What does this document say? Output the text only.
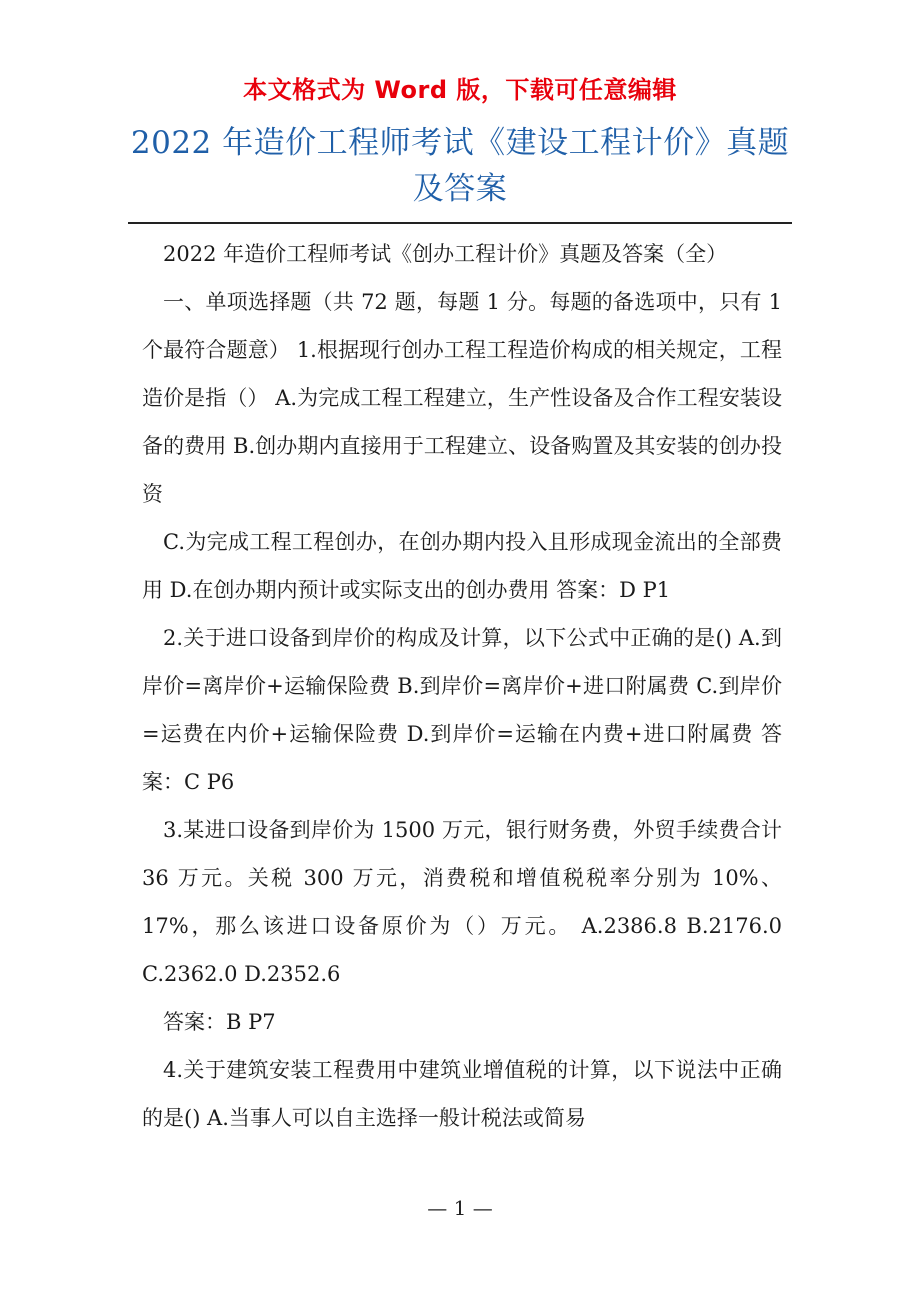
本文格式为 Word 版，下载可任意编辑
2022 年造价工程师考试《建设工程计价》真题及答案

2022 年造价工程师考试《创办工程计价》真题及答案（全）

一、单项选择题（共 72 题，每题 1 分。每题的备选项中，只有 1 个最符合题意） 1.根据现行创办工程工程造价构成的相关规定，工程造价是指（） A.为完成工程工程建立，生产性设备及合作工程安装设备的费用 B.创办期内直接用于工程建立、设备购置及其安装的创办投资

C.为完成工程工程创办，在创办期内投入且形成现金流出的全部费用 D.在创办期内预计或实际支出的创办费用 答案：D P1

2.关于进口设备到岸价的构成及计算，以下公式中正确的是() A.到岸价=离岸价+运输保险费 B.到岸价=离岸价+进口附属费 C.到岸价=运费在内价+运输保险费 D.到岸价=运输在内费+进口附属费 答案：C P6

3.某进口设备到岸价为 1500 万元，银行财务费，外贸手续费合计 36 万元。关税 300 万元，消费税和增值税税率分别为 10%、17%，那么该进口设备原价为（）万元。 A.2386.8 B.2176.0 C.2362.0 D.2352.6

答案：B P7

4.关于建筑安装工程费用中建筑业增值税的计算，以下说法中正确的是() A.当事人可以自主选择一般计税法或简易

— 1 —
